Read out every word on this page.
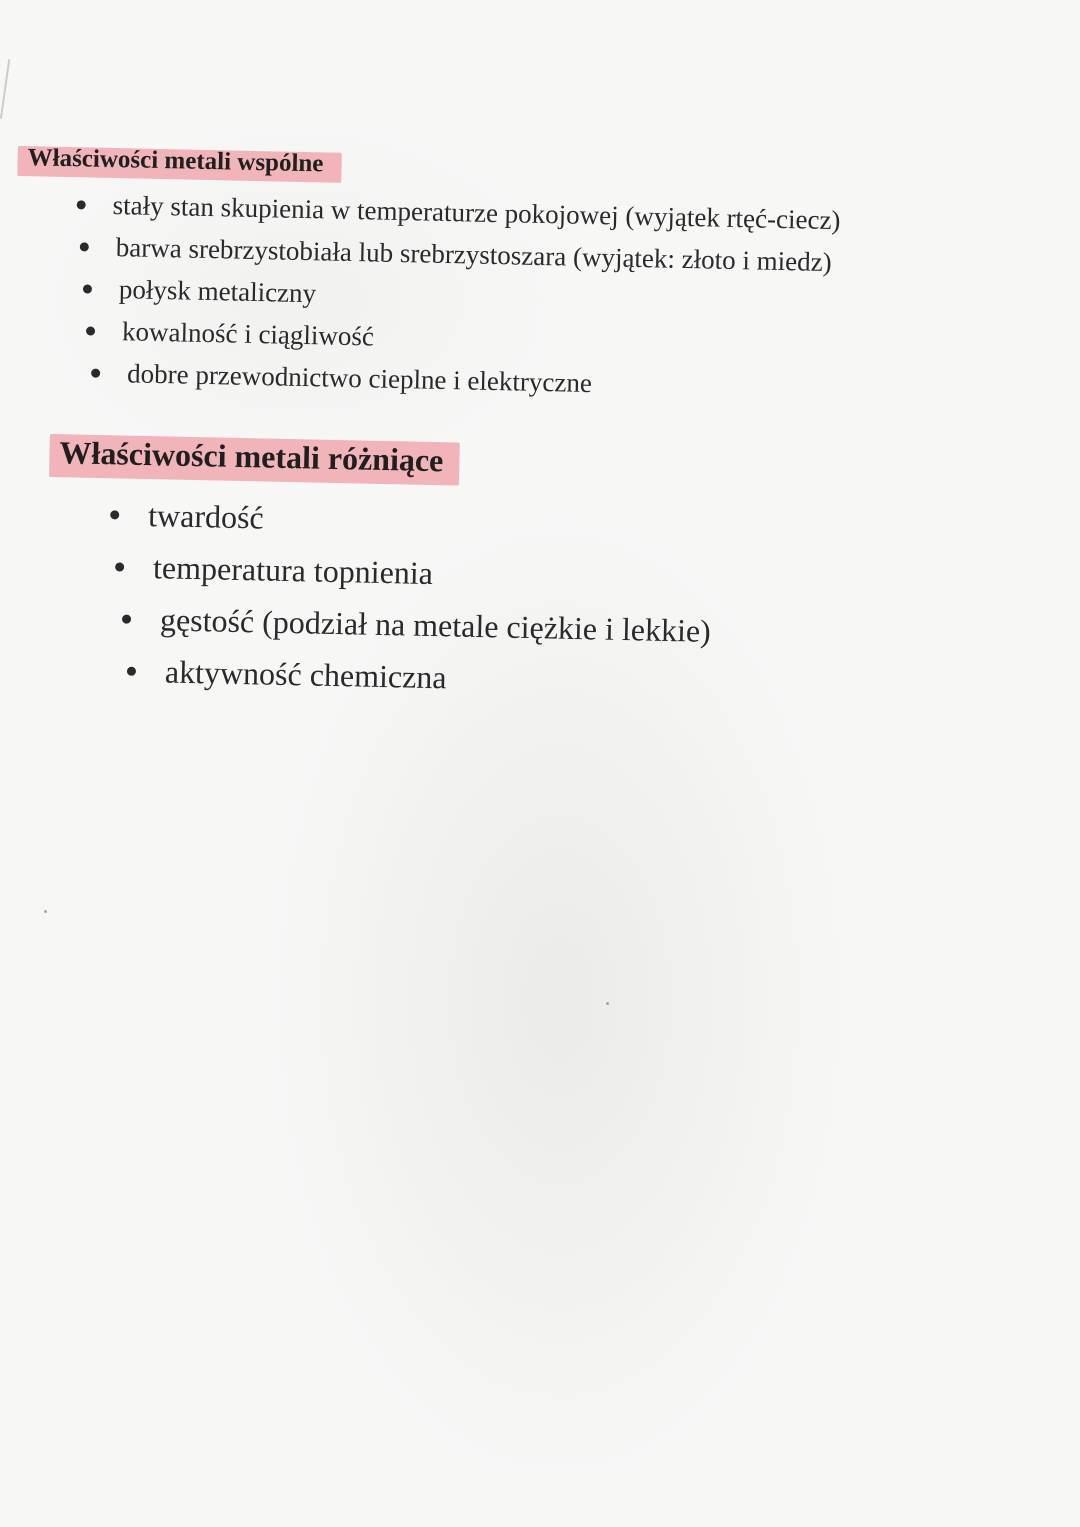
Właściwości metali wspólne
stały stan skupienia w temperaturze pokojowej (wyjątek rtęć-ciecz)
barwa srebrzystobiała lub srebrzystoszara (wyjątek: złoto i miedz)
połysk metaliczny
kowalność i ciągliwość
dobre przewodnictwo cieplne i elektryczne
Właściwości metali różniące
twardość
temperatura topnienia
gęstość (podział na metale ciężkie i lekkie)
aktywność chemiczna
